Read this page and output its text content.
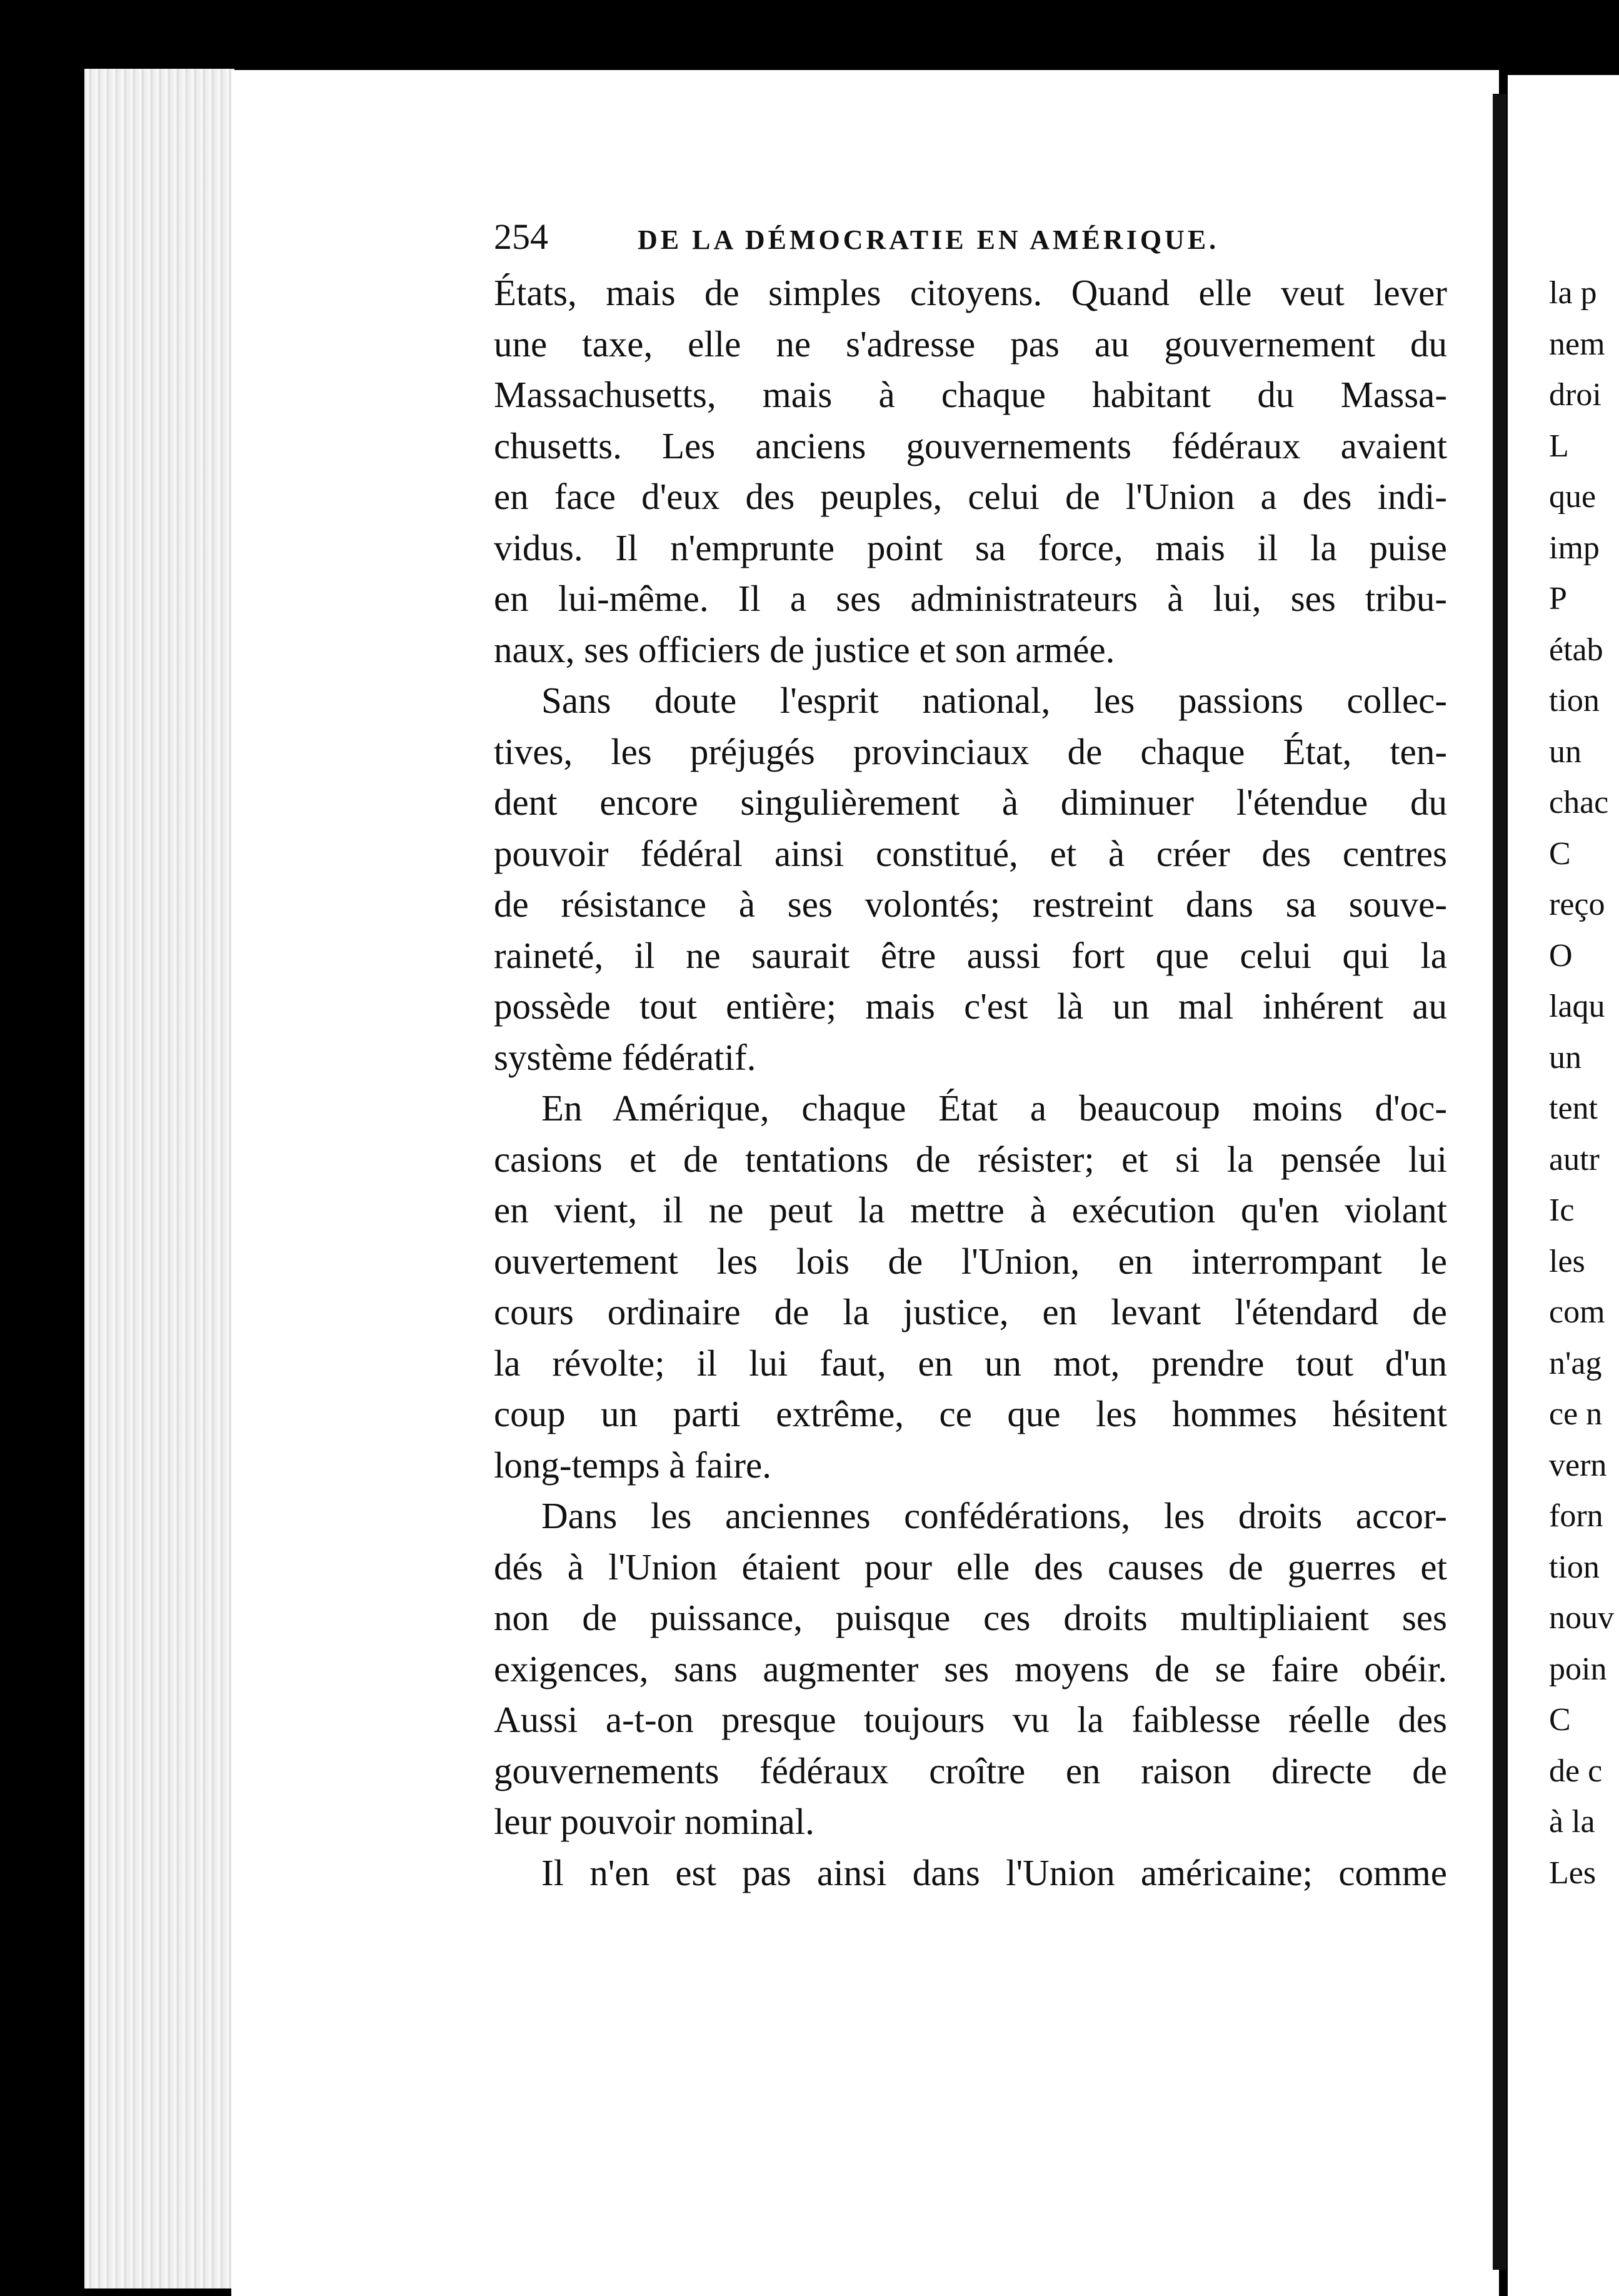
254	DE LA DÉMOCRATIE EN AMÉRIQUE.
États, mais de simples citoyens. Quand elle veut lever
une taxe, elle ne s'adresse pas au gouvernement du
Massachusetts, mais à chaque habitant du Massa-
chusetts. Les anciens gouvernements fédéraux avaient
en face d'eux des peuples, celui de l'Union a des indi-
vidus. Il n'emprunte point sa force, mais il la puise
en lui-même. Il a ses administrateurs à lui, ses tribu-
naux, ses officiers de justice et son armée.
Sans doute l'esprit national, les passions collec-
tives, les préjugés provinciaux de chaque État, ten-
dent encore singulièrement à diminuer l'étendue du
pouvoir fédéral ainsi constitué, et à créer des centres
de résistance à ses volontés; restreint dans sa souve-
raineté, il ne saurait être aussi fort que celui qui la
possède tout entière; mais c'est là un mal inhérent au
système fédératif.
En Amérique, chaque État a beaucoup moins d'oc-
casions et de tentations de résister; et si la pensée lui
en vient, il ne peut la mettre à exécution qu'en violant
ouvertement les lois de l'Union, en interrompant le
cours ordinaire de la justice, en levant l'étendard de
la révolte; il lui faut, en un mot, prendre tout d'un
coup un parti extrême, ce que les hommes hésitent
long-temps à faire.
Dans les anciennes confédérations, les droits accor-
dés à l'Union étaient pour elle des causes de guerres et
non de puissance, puisque ces droits multipliaient ses
exigences, sans augmenter ses moyens de se faire obéir.
Aussi a-t-on presque toujours vu la faiblesse réelle des
gouvernements fédéraux croître en raison directe de
leur pouvoir nominal.
Il n'en est pas ainsi dans l'Union américaine; comme
la p
nem
droi
L
que
imp
P
étab
tion
un
chac
C
reço
O
laqu
un
tent
autr
Ic
les
com
n'ag
ce n
vern
forn
tion
nouv
poin
C
de c
à la
Les
